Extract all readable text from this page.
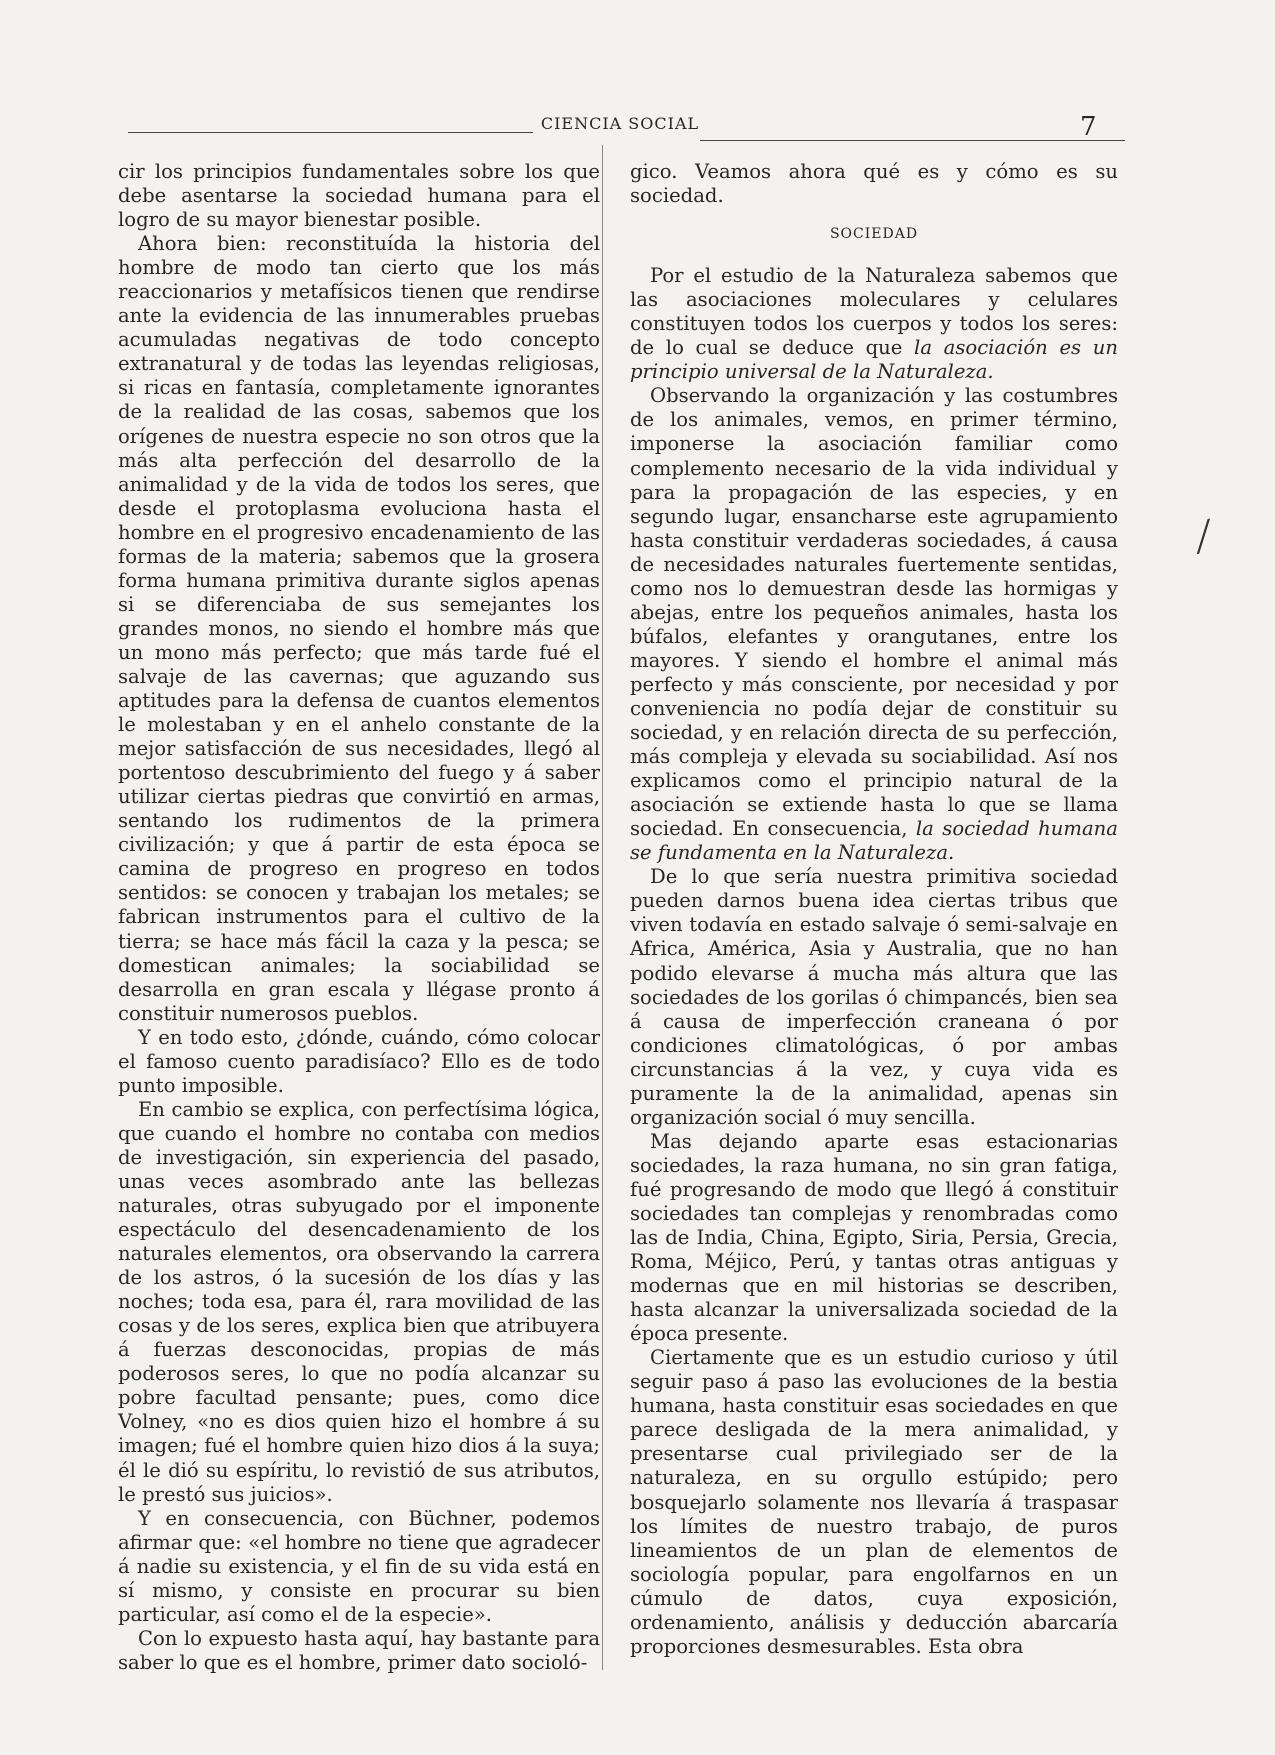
CIENCIA SOCIAL	7

cir los principios fundamentales sobre los que debe asentarse la sociedad humana para el logro de su mayor bienestar posible.

Ahora bien: reconstituída la historia del hombre de modo tan cierto que los más reaccionarios y metafísicos tienen que rendirse ante la evidencia de las innumerables pruebas acumuladas negativas de todo concepto extranatural y de todas las leyendas religiosas, si ricas en fantasía, completamente ignorantes de la realidad de las cosas, sabemos que los orígenes de nuestra especie no son otros que la más alta perfección del desarrollo de la animalidad y de la vida de todos los seres, que desde el protoplasma evoluciona hasta el hombre en el progresivo encadenamiento de las formas de la materia; sabemos que la grosera forma humana primitiva durante siglos apenas si se diferenciaba de sus semejantes los grandes monos, no siendo el hombre más que un mono más perfecto; que más tarde fué el salvaje de las cavernas; que aguzando sus aptitudes para la defensa de cuantos elementos le molestaban y en el anhelo constante de la mejor satisfacción de sus necesidades, llegó al portentoso descubrimiento del fuego y á saber utilizar ciertas piedras que convirtió en armas, sentando los rudimentos de la primera civilización; y que á partir de esta época se camina de progreso en progreso en todos sentidos: se conocen y trabajan los metales; se fabrican instrumentos para el cultivo de la tierra; se hace más fácil la caza y la pesca; se domestican animales; la sociabilidad se desarrolla en gran escala y llégase pronto á constituir numerosos pueblos.

Y en todo esto, ¿dónde, cuándo, cómo colocar el famoso cuento paradisíaco? Ello es de todo punto imposible.

En cambio se explica, con perfectísima lógica, que cuando el hombre no contaba con medios de investigación, sin experiencia del pasado, unas veces asombrado ante las bellezas naturales, otras subyugado por el imponente espectáculo del desencadenamiento de los naturales elementos, ora observando la carrera de los astros, ó la sucesión de los días y las noches; toda esa, para él, rara movilidad de las cosas y de los seres, explica bien que atribuyera á fuerzas desconocidas, propias de más poderosos seres, lo que no podía alcanzar su pobre facultad pensante; pues, como dice Volney, «no es dios quien hizo el hombre á su imagen; fué el hombre quien hizo dios á la suya; él le dió su espíritu, lo revistió de sus atributos, le prestó sus juicios».

Y en consecuencia, con Büchner, podemos afirmar que: «el hombre no tiene que agradecer á nadie su existencia, y el fin de su vida está en sí mismo, y consiste en procurar su bien particular, así como el de la especie».

Con lo expuesto hasta aquí, hay bastante para saber lo que es el hombre, primer dato socioló-

gico. Veamos ahora qué es y cómo es su sociedad.

SOCIEDAD

Por el estudio de la Naturaleza sabemos que las asociaciones moleculares y celulares constituyen todos los cuerpos y todos los seres: de lo cual se deduce que la asociación es un principio universal de la Naturaleza.

Observando la organización y las costumbres de los animales, vemos, en primer término, imponerse la asociación familiar como complemento necesario de la vida individual y para la propagación de las especies, y en segundo lugar, ensancharse este agrupamiento hasta constituir verdaderas sociedades, á causa de necesidades naturales fuertemente sentidas, como nos lo demuestran desde las hormigas y abejas, entre los pequeños animales, hasta los búfalos, elefantes y orangutanes, entre los mayores. Y siendo el hombre el animal más perfecto y más consciente, por necesidad y por conveniencia no podía dejar de constituir su sociedad, y en relación directa de su perfección, más compleja y elevada su sociabilidad. Así nos explicamos como el principio natural de la asociación se extiende hasta lo que se llama sociedad. En consecuencia, la sociedad humana se fundamenta en la Naturaleza.

De lo que sería nuestra primitiva sociedad pueden darnos buena idea ciertas tribus que viven todavía en estado salvaje ó semi-salvaje en Africa, América, Asia y Australia, que no han podido elevarse á mucha más altura que las sociedades de los gorilas ó chimpancés, bien sea á causa de imperfección craneana ó por condiciones climatológicas, ó por ambas circunstancias á la vez, y cuya vida es puramente la de la animalidad, apenas sin organización social ó muy sencilla.

Mas dejando aparte esas estacionarias sociedades, la raza humana, no sin gran fatiga, fué progresando de modo que llegó á constituir sociedades tan complejas y renombradas como las de India, China, Egipto, Siria, Persia, Grecia, Roma, Méjico, Perú, y tantas otras antiguas y modernas que en mil historias se describen, hasta alcanzar la universalizada sociedad de la época presente.

Ciertamente que es un estudio curioso y útil seguir paso á paso las evoluciones de la bestia humana, hasta constituir esas sociedades en que parece desligada de la mera animalidad, y presentarse cual privilegiado ser de la naturaleza, en su orgullo estúpido; pero bosquejarlo solamente nos llevaría á traspasar los límites de nuestro trabajo, de puros lineamientos de un plan de elementos de sociología popular, para engolfarnos en un cúmulo de datos, cuya exposición, ordenamiento, análisis y deducción abarcaría proporciones desmesurables. Esta obra

╱
